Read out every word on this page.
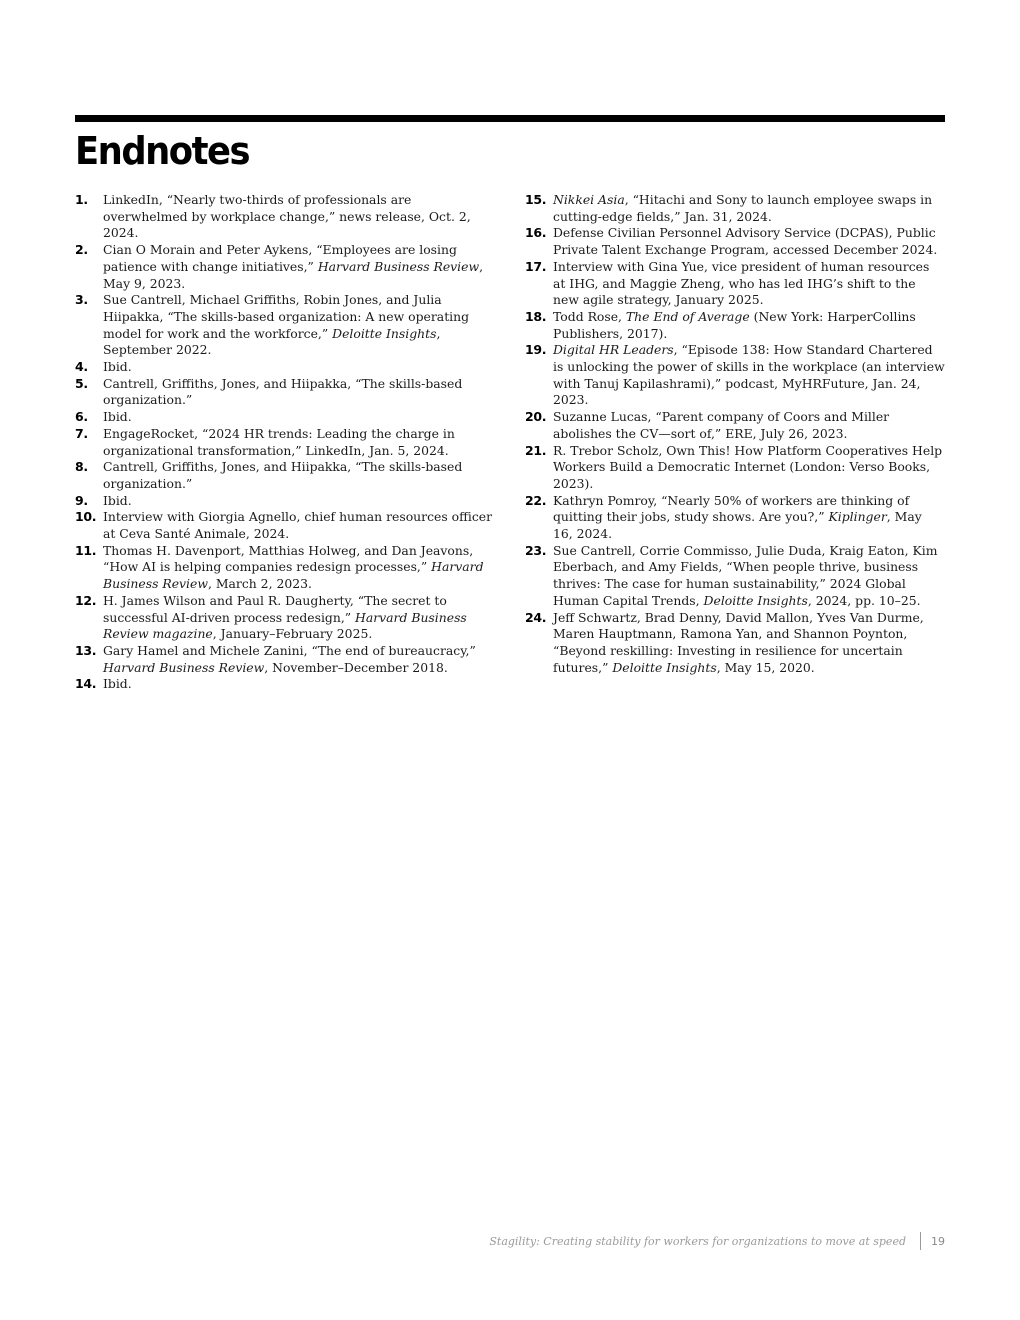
Endnotes
1.	LinkedIn, “Nearly two-thirds of professionals are overwhelmed by workplace change,” news release, Oct. 2, 2024.
2.	Cian O Morain and Peter Aykens, “Employees are losing patience with change initiatives,” Harvard Business Review, May 9, 2023.
3.	Sue Cantrell, Michael Griffiths, Robin Jones, and Julia Hiipakka, “The skills-based organization: A new operating model for work and the workforce,” Deloitte Insights, September 2022.
4.	Ibid.
5.	Cantrell, Griffiths, Jones, and Hiipakka, “The skills-based organization.”
6.	Ibid.
7.	EngageRocket, “2024 HR trends: Leading the charge in organizational transformation,” LinkedIn, Jan. 5, 2024.
8.	Cantrell, Griffiths, Jones, and Hiipakka, “The skills-based organization.”
9.	Ibid.
10. Interview with Giorgia Agnello, chief human resources officer at Ceva Santé Animale, 2024.
11. Thomas H. Davenport, Matthias Holweg, and Dan Jeavons, “How AI is helping companies redesign processes,” Harvard Business Review, March 2, 2023.
12. H. James Wilson and Paul R. Daugherty, “The secret to successful AI-driven process redesign,” Harvard Business Review magazine, January–February 2025.
13. Gary Hamel and Michele Zanini, “The end of bureaucracy,” Harvard Business Review, November–December 2018.
14. Ibid.
15. Nikkei Asia, “Hitachi and Sony to launch employee swaps in cutting-edge fields,” Jan. 31, 2024.
16. Defense Civilian Personnel Advisory Service (DCPAS), Public Private Talent Exchange Program, accessed December 2024.
17. Interview with Gina Yue, vice president of human resources at IHG, and Maggie Zheng, who has led IHG’s shift to the new agile strategy, January 2025.
18. Todd Rose, The End of Average (New York: HarperCollins Publishers, 2017).
19. Digital HR Leaders, “Episode 138: How Standard Chartered is unlocking the power of skills in the workplace (an interview with Tanuj Kapilashrami),” podcast, MyHRFuture, Jan. 24, 2023.
20. Suzanne Lucas, “Parent company of Coors and Miller abolishes the CV—sort of,” ERE, July 26, 2023.
21. R. Trebor Scholz, Own This! How Platform Cooperatives Help Workers Build a Democratic Internet (London: Verso Books, 2023).
22. Kathryn Pomroy, “Nearly 50% of workers are thinking of quitting their jobs, study shows. Are you?,” Kiplinger, May 16, 2024.
23. Sue Cantrell, Corrie Commisso, Julie Duda, Kraig Eaton, Kim Eberbach, and Amy Fields, “When people thrive, business thrives: The case for human sustainability,” 2024 Global Human Capital Trends, Deloitte Insights, 2024, pp. 10–25.
24. Jeff Schwartz, Brad Denny, David Mallon, Yves Van Durme, Maren Hauptmann, Ramona Yan, and Shannon Poynton, “Beyond reskilling: Investing in resilience for uncertain futures,” Deloitte Insights, May 15, 2020.
Stagility: Creating stability for workers for organizations to move at speed	19
